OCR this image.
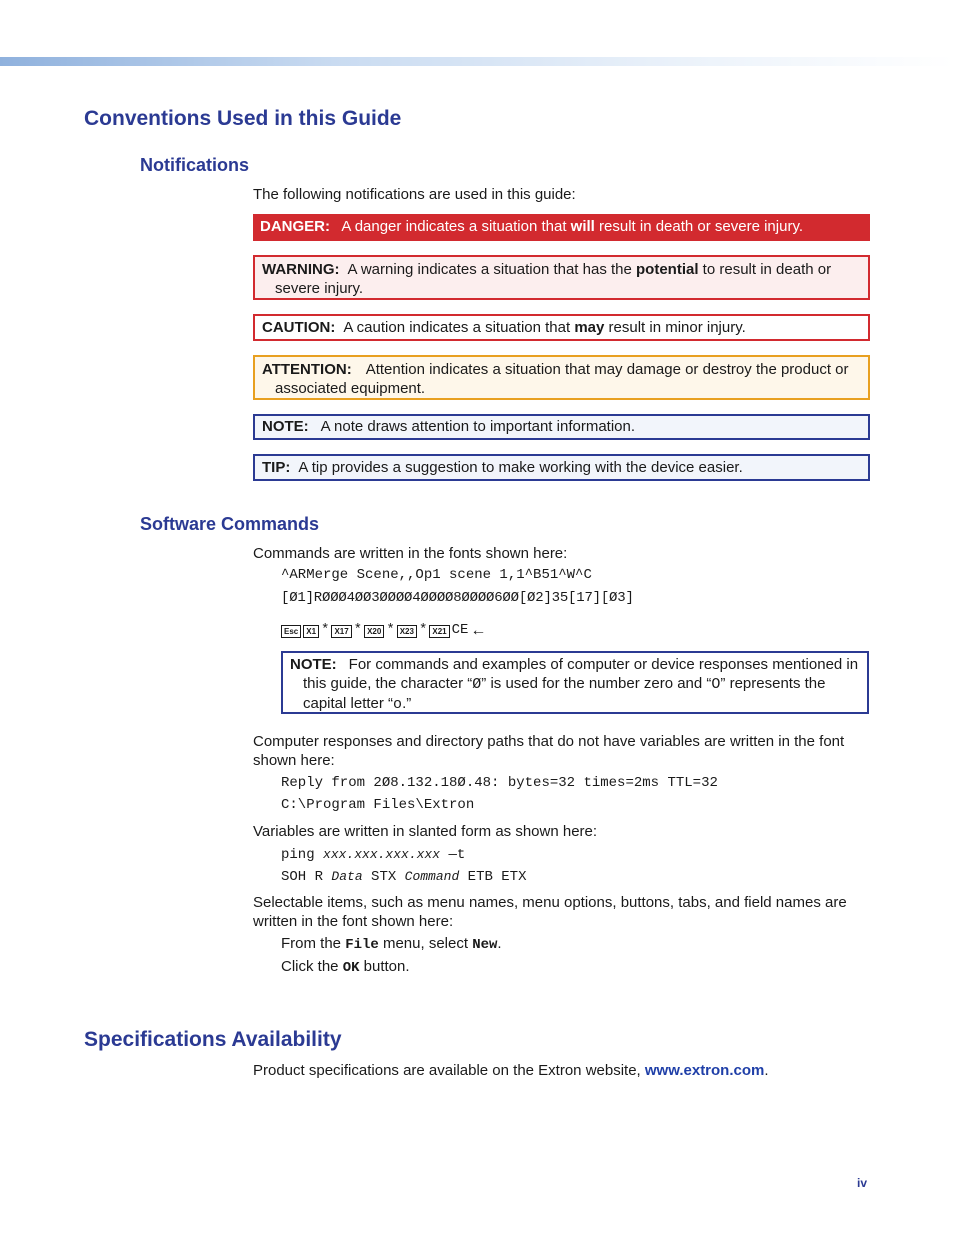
Conventions Used in this Guide
Notifications
The following notifications are used in this guide:
DANGER: A danger indicates a situation that will result in death or severe injury.
WARNING: A warning indicates a situation that has the potential to result in death or severe injury.
CAUTION: A caution indicates a situation that may result in minor injury.
ATTENTION: Attention indicates a situation that may damage or destroy the product or associated equipment.
NOTE: A note draws attention to important information.
TIP: A tip provides a suggestion to make working with the device easier.
Software Commands
Commands are written in the fonts shown here:
^ARMerge Scene,,Op1 scene 1,1^B51^W^C
[Ø1]RØØØ4ØØ3ØØØØ4ØØØØ8ØØØØ6ØØ[Ø2]35[17][Ø3]
Esc	X1 * X17 * X20 * X23 * X21 CE ←
NOTE: For commands and examples of computer or device responses mentioned in this guide, the character “Ø” is used for the number zero and “O” represents the capital letter “o.”
Computer responses and directory paths that do not have variables are written in the font shown here:
Reply from 2Ø8.132.18Ø.48: bytes=32 times=2ms TTL=32
C:\Program Files\Extron
Variables are written in slanted form as shown here:
ping xxx.xxx.xxx.xxx —t
SOH R Data STX Command ETB ETX
Selectable items, such as menu names, menu options, buttons, tabs, and field names are written in the font shown here:
From the File menu, select New.
Click the OK button.
Specifications Availability
Product specifications are available on the Extron website, www.extron.com.
iv
